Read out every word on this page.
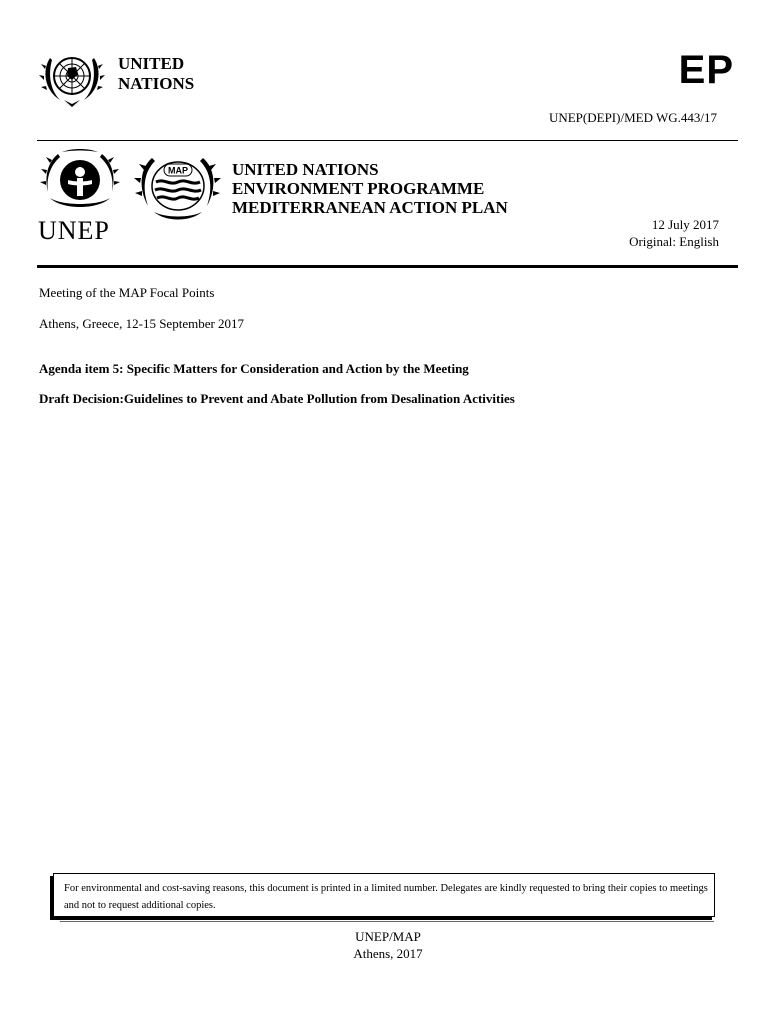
UNITED
NATIONS	EP
UNEP(DEPI)/MED WG.443/17
UNEP
MAP	UNITED NATIONS
ENVIRONMENT PROGRAMME
MEDITERRANEAN ACTION PLAN
12 July 2017
Original: English
Meeting of the MAP Focal Points
Athens, Greece, 12-15 September 2017
Agenda item 5: Specific Matters for Consideration and Action by the Meeting
Draft Decision:Guidelines to Prevent and Abate Pollution from Desalination Activities
For environmental and cost-saving reasons, this document is printed in a limited number. Delegates are kindly requested to bring their copies to meetings and not to request additional copies.
UNEP/MAP
Athens, 2017
